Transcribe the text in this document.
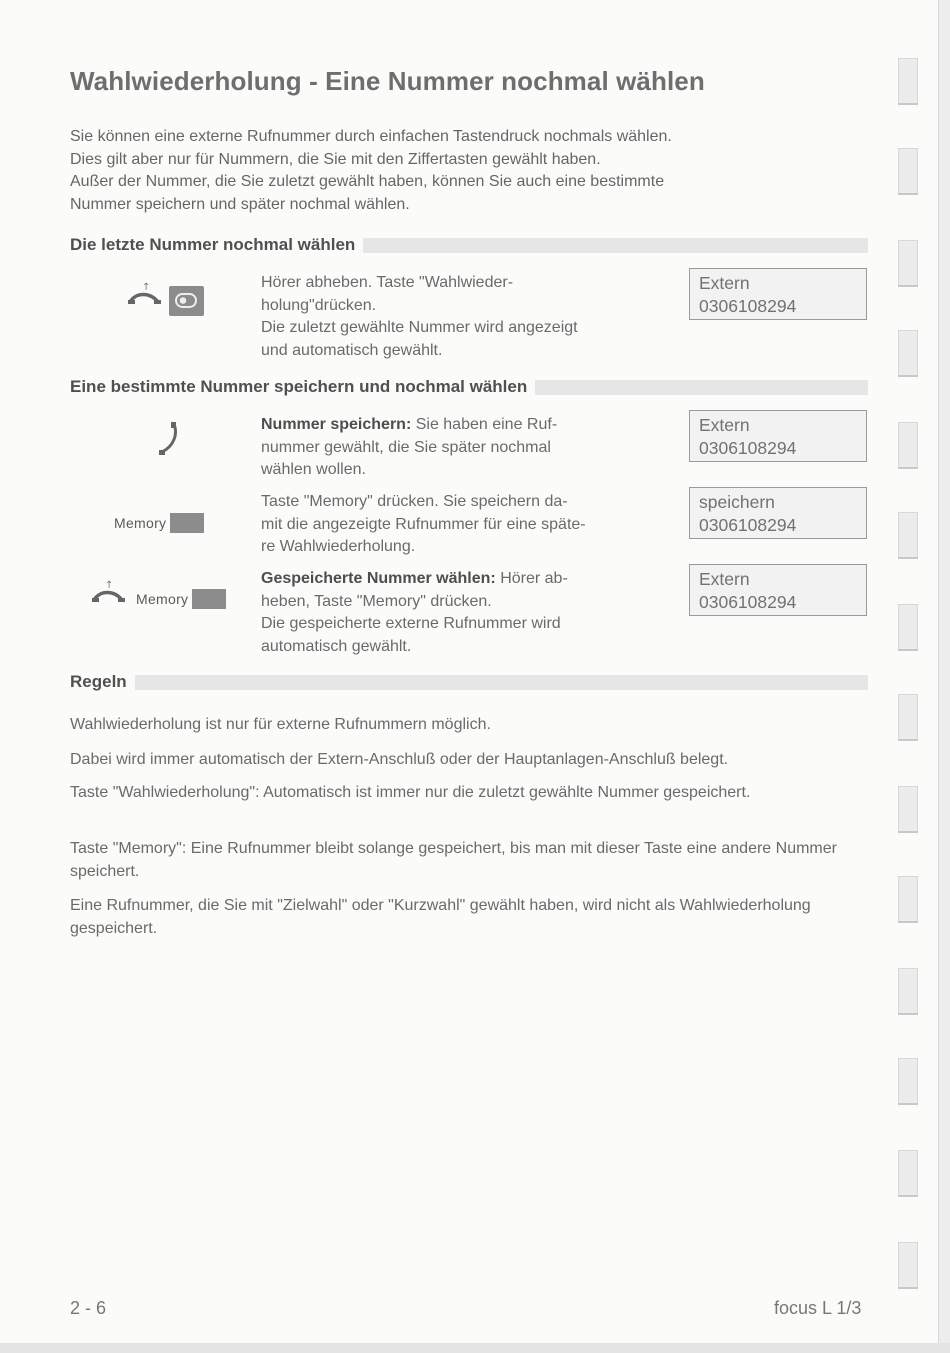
Wahlwiederholung - Eine Nummer nochmal wählen

Sie können eine externe Rufnummer durch einfachen Tastendruck nochmals wählen.
Dies gilt aber nur für Nummern, die Sie mit den Ziffertasten gewählt haben.
Außer der Nummer, die Sie zuletzt gewählt haben, können Sie auch eine bestimmte
Nummer speichern und später nochmal wählen.

Die letzte Nummer nochmal wählen
↑	Hörer abheben. Taste "Wahlwieder-
holung"drücken.
Die zuletzt gewählte Nummer wird angezeigt
und automatisch gewählt.

Extern
0306108294
Eine bestimmte Nummer speichern und nochmal wählen

Nummer speichern: Sie haben eine Ruf-
nummer gewählt, die Sie später nochmal
wählen wollen.

Extern
0306108294
Memory

Taste "Memory" drücken. Sie speichern da-
mit die angezeigte Rufnummer für eine späte-
re Wahlwiederholung.

speichern
0306108294
↑
Memory

Gespeicherte Nummer wählen: Hörer ab-
heben, Taste "Memory" drücken.
Die gespeicherte externe Rufnummer wird
automatisch gewählt.

Extern
0306108294
Regeln

Wahlwiederholung ist nur für externe Rufnummern möglich.

Dabei wird immer automatisch der Extern-Anschluß oder der Hauptanlagen-Anschluß belegt.

Taste "Wahlwiederholung": Automatisch ist immer nur die zuletzt gewählte Nummer gespeichert.

Taste "Memory": Eine Rufnummer bleibt solange gespeichert, bis man mit dieser Taste eine andere Nummer speichert.

Eine Rufnummer, die Sie mit "Zielwahl" oder "Kurzwahl" gewählt haben, wird nicht als Wahlwiederholung gespeichert.

2 - 6	focus L 1/3
